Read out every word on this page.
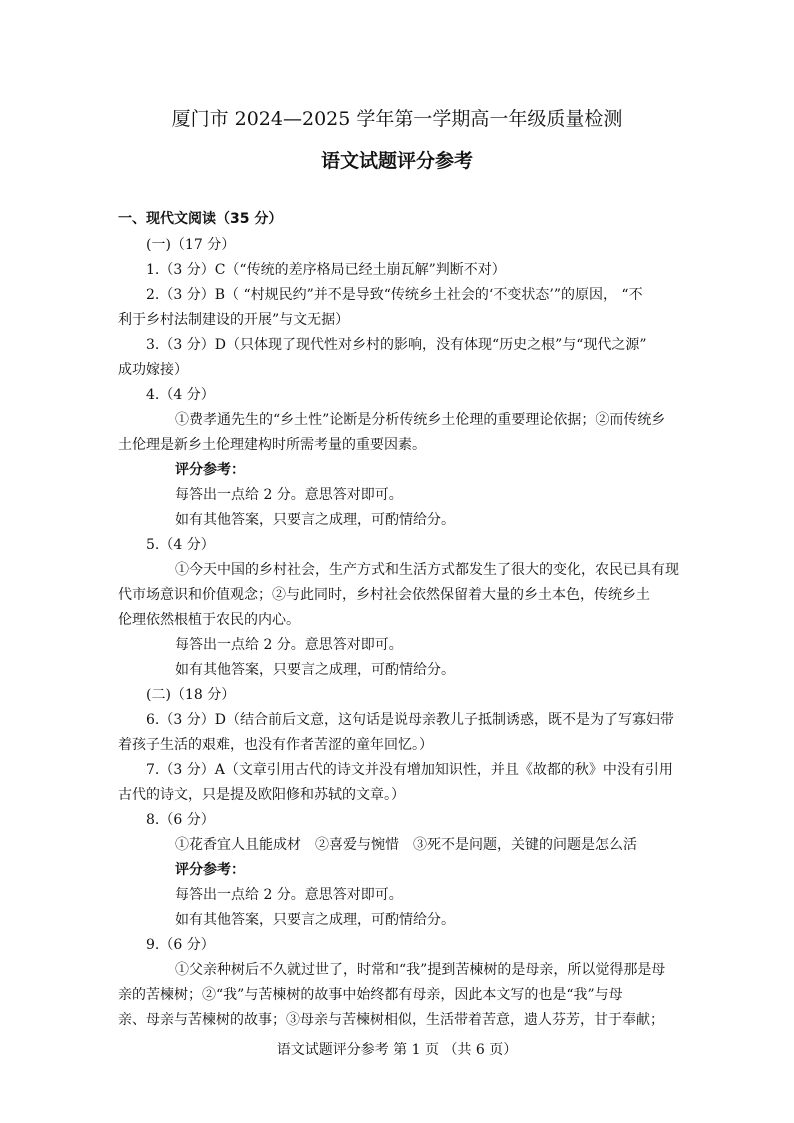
厦门市 2024—2025 学年第一学期高一年级质量检测
语文试题评分参考
一、现代文阅读（35 分）
(一)（17 分）
1.（3 分）C（“传统的差序格局已经土崩瓦解”判断不对）
2.（3 分）B（ “村规民约”并不是导致“传统乡土社会的‘不变状态’”的原因， “不
利于乡村法制建设的开展”与文无据）
3.（3 分）D（只体现了现代性对乡村的影响，没有体现“历史之根”与“现代之源”
成功嫁接）
4.（4 分）
①费孝通先生的“乡土性”论断是分析传统乡土伦理的重要理论依据；②而传统乡
土伦理是新乡土伦理建构时所需考量的重要因素。
评分参考：
每答出一点给 2 分。意思答对即可。
如有其他答案，只要言之成理，可酌情给分。
5.（4 分）
①今天中国的乡村社会，生产方式和生活方式都发生了很大的变化，农民已具有现
代市场意识和价值观念；②与此同时，乡村社会依然保留着大量的乡土本色，传统乡土
伦理依然根植于农民的内心。
每答出一点给 2 分。意思答对即可。
如有其他答案，只要言之成理，可酌情给分。
(二)（18 分）
6.（3 分）D（结合前后文意，这句话是说母亲教儿子抵制诱惑，既不是为了写寡妇带
着孩子生活的艰难，也没有作者苦涩的童年回忆。）
7.（3 分）A（文章引用古代的诗文并没有增加知识性，并且《故都的秋》中没有引用
古代的诗文，只是提及欧阳修和苏轼的文章。）
8.（6 分）
①花香宜人且能成材　②喜爱与惋惜　③死不是问题，关键的问题是怎么活
评分参考：
每答出一点给 2 分。意思答对即可。
如有其他答案，只要言之成理，可酌情给分。
9.（6 分）
①父亲种树后不久就过世了，时常和“我”提到苦楝树的是母亲，所以觉得那是母
亲的苦楝树；②“我”与苦楝树的故事中始终都有母亲，因此本文写的也是“我”与母
亲、母亲与苦楝树的故事；③母亲与苦楝树相似，生活带着苦意，遗人芬芳，甘于奉献；
语文试题评分参考 第 1 页 （共 6 页）
